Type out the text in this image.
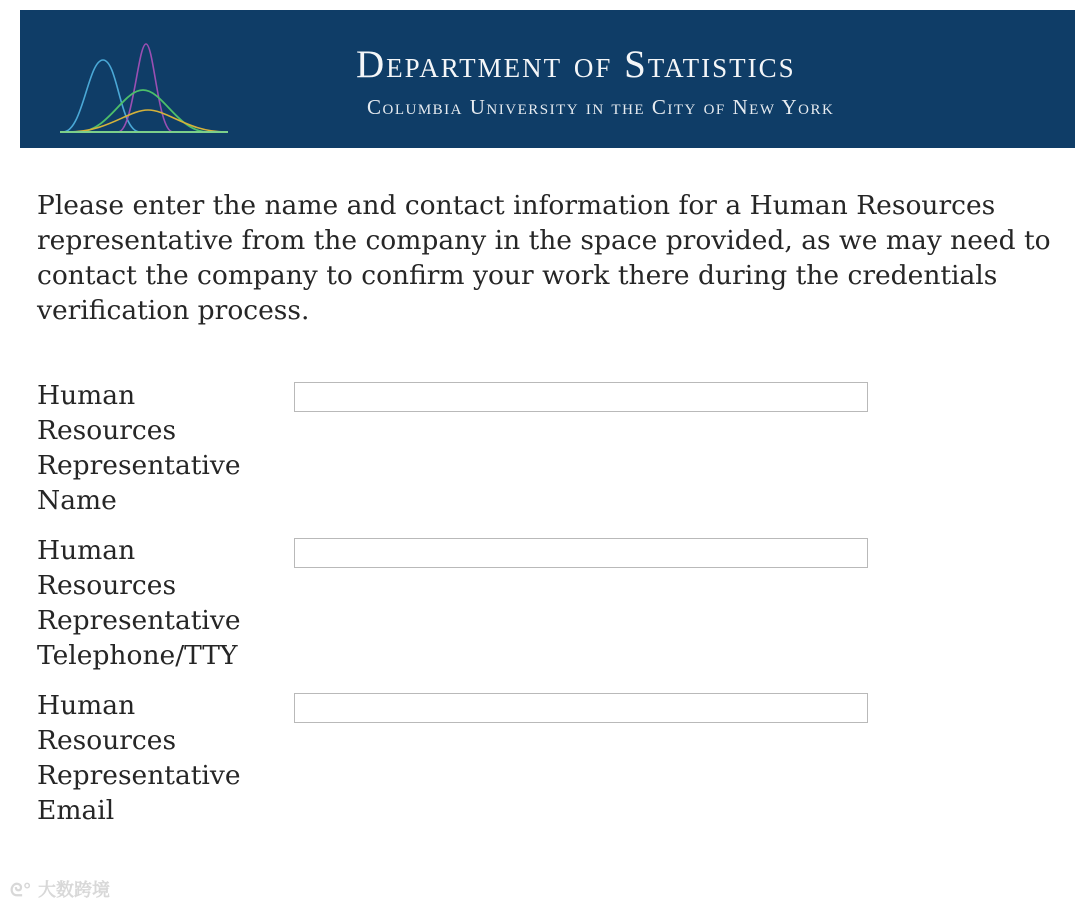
Department of Statistics
Columbia University in the City of New York
Please enter the name and contact information for a Human Resources representative from the company in the space provided, as we may need to contact the company to confirm your work there during the credentials verification process.
Human Resources Representative Name
Human Resources Representative Telephone/TTY
Human Resources Representative Email
ᘓ° 大数跨境
